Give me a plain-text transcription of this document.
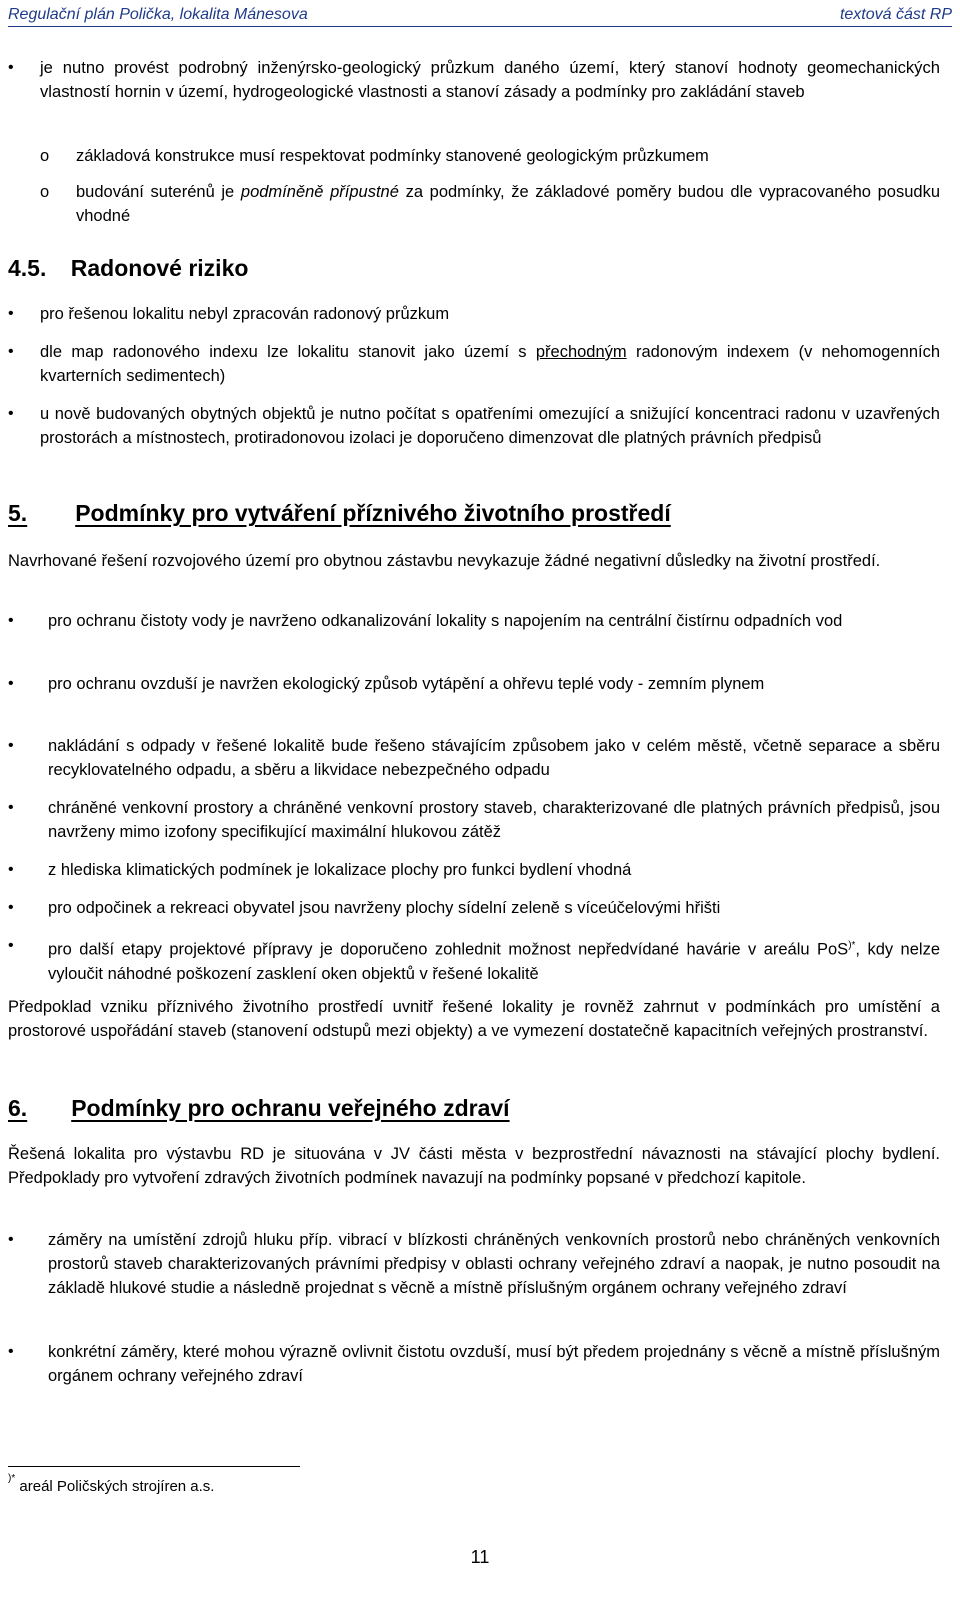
Regulační plán Polička, lokalita Mánesova	textová část RP
• je nutno provést podrobný inženýrsko-geologický průzkum daného území, který stanoví hodnoty geomechanických vlastností hornin v území, hydrogeologické vlastnosti a stanoví zásady a podmínky pro zakládání staveb

o základová konstrukce musí respektovat podmínky stanovené geologickým průzkumem

o budování suterénů je podmíněně přípustné za podmínky, že základové poměry budou dle vypracovaného posudku vhodné

4.5. Radonové riziko
• pro řešenou lokalitu nebyl zpracován radonový průzkum

• dle map radonového indexu lze lokalitu stanovit jako území s přechodným radonovým indexem (v nehomogenních kvarterních sedimentech)

• u nově budovaných obytných objektů je nutno počítat s opatřeními omezující a snižující koncentraci radonu v uzavřených prostorách a místnostech, protiradonovou izolaci je doporučeno dimenzovat dle platných právních předpisů

5. Podmínky pro vytváření příznivého životního prostředí

Navrhované řešení rozvojového území pro obytnou zástavbu nevykazuje žádné negativní důsledky na životní prostředí.

• pro ochranu čistoty vody je navrženo odkanalizování lokality s napojením na centrální čistírnu odpadních vod

• pro ochranu ovzduší je navržen ekologický způsob vytápění a ohřevu teplé vody - zemním plynem

• nakládání s odpady v řešené lokalitě bude řešeno stávajícím způsobem jako v celém městě, včetně separace a sběru recyklovatelného odpadu, a sběru a likvidace nebezpečného odpadu

• chráněné venkovní prostory a chráněné venkovní prostory staveb, charakterizované dle platných právních předpisů, jsou navrženy mimo izofony specifikující maximální hlukovou zátěž

• z hlediska klimatických podmínek je lokalizace plochy pro funkci bydlení vhodná

• pro odpočinek a rekreaci obyvatel jsou navrženy plochy sídelní zeleně s víceúčelovými hřišti

• pro další etapy projektové přípravy je doporučeno zohlednit možnost nepředvídané havárie v areálu PoS)*, kdy nelze vyloučit náhodné poškození zasklení oken objektů v řešené lokalitě

Předpoklad vzniku příznivého životního prostředí uvnitř řešené lokality je rovněž zahrnut v podmínkách pro umístění a prostorové uspořádání staveb (stanovení odstupů mezi objekty) a ve vymezení dostatečně kapacitních veřejných prostranství.

6. Podmínky pro ochranu veřejného zdraví

Řešená lokalita pro výstavbu RD je situována v JV části města v bezprostřední návaznosti na stávající plochy bydlení. Předpoklady pro vytvoření zdravých životních podmínek navazují na podmínky popsané v předchozí kapitole.

• záměry na umístění zdrojů hluku příp. vibrací v blízkosti chráněných venkovních prostorů nebo chráněných venkovních prostorů staveb charakterizovaných právními předpisy v oblasti ochrany veřejného zdraví a naopak, je nutno posoudit na základě hlukové studie a následně projednat s věcně a místně příslušným orgánem ochrany veřejného zdraví

• konkrétní záměry, které mohou výrazně ovlivnit čistotu ovzduší, musí být předem projednány s věcně a místně příslušným orgánem ochrany veřejného zdraví

)* areál Poličských strojíren a.s.
11
